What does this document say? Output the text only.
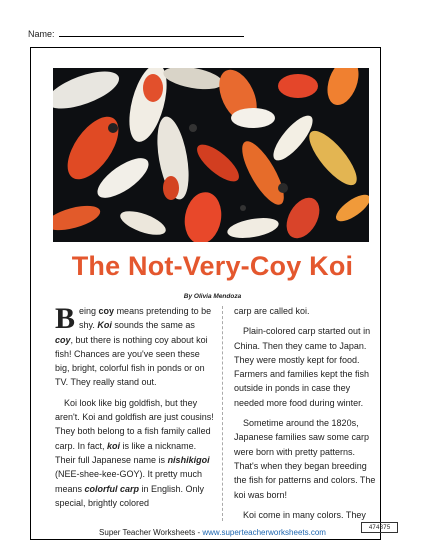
Name:
The Not-Very-Coy Koi
By Olivia Mendoza

Being coy means pretending to be shy. Koi sounds the same as coy, but there is nothing coy about koi fish! Chances are you've seen these big, bright, colorful fish in ponds or on TV. They really stand out.

Koi look like big goldfish, but they aren't. Koi and goldfish are just cousins! They both belong to a fish family called carp. In fact, koi is like a nickname. Their full Japanese name is nishikigoi (NEE-shee-kee-GOY). It pretty much means colorful carp in English. Only special, brightly colored

carp are called koi.

Plain-colored carp started out in China. Then they came to Japan. They were mostly kept for food. Farmers and families kept the fish outside in ponds in case they needed more food during winter.

Sometime around the 1820s, Japanese families saw some carp were born with pretty patterns. That's when they began breeding the fish for patterns and colors. The koi was born!

Koi come in many colors. They

Super Teacher Worksheets - www.superteacherworksheets.com
474875
